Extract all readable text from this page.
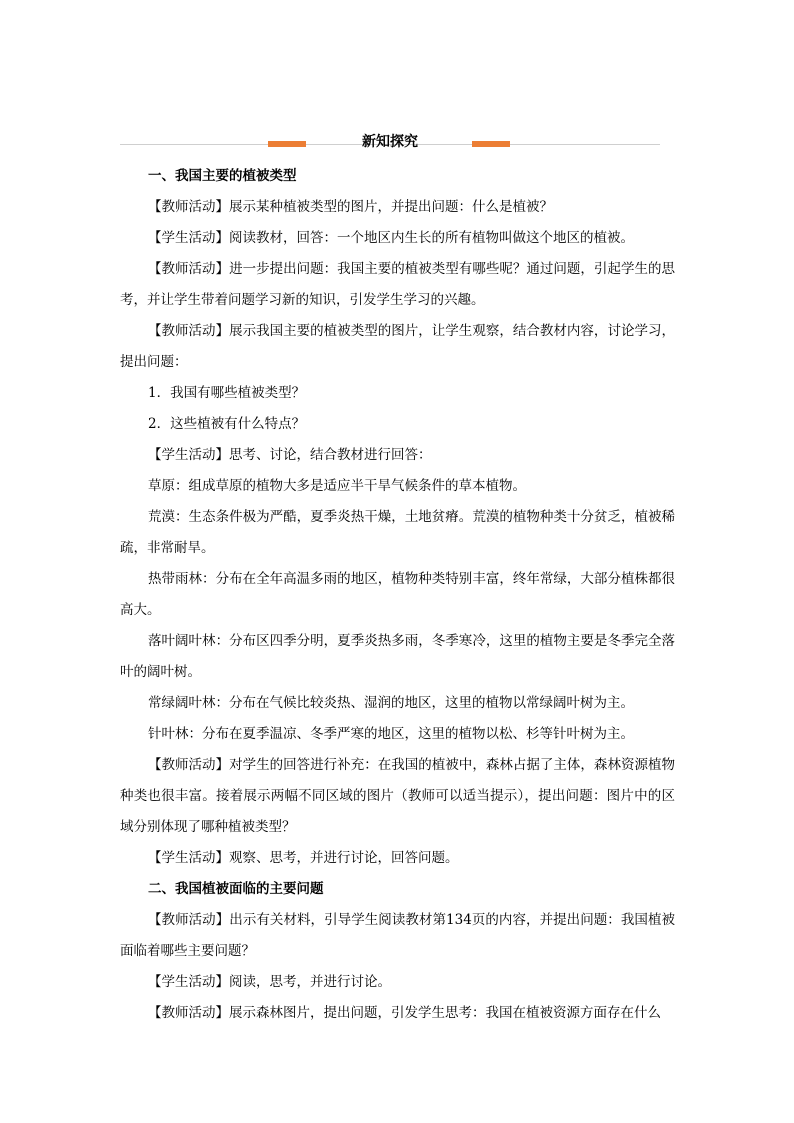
新知探究

一、我国主要的植被类型

【教师活动】展示某种植被类型的图片，并提出问题：什么是植被？

【学生活动】阅读教材，回答：一个地区内生长的所有植物叫做这个地区的植被。

【教师活动】进一步提出问题：我国主要的植被类型有哪些呢？通过问题，引起学生的思考，并让学生带着问题学习新的知识，引发学生学习的兴趣。

【教师活动】展示我国主要的植被类型的图片，让学生观察，结合教材内容，讨论学习，提出问题：

1．我国有哪些植被类型？

2．这些植被有什么特点？

【学生活动】思考、讨论，结合教材进行回答：

草原：组成草原的植物大多是适应半干旱气候条件的草本植物。

荒漠：生态条件极为严酷，夏季炎热干燥，土地贫瘠。荒漠的植物种类十分贫乏，植被稀疏，非常耐旱。

热带雨林：分布在全年高温多雨的地区，植物种类特别丰富，终年常绿，大部分植株都很高大。

落叶阔叶林：分布区四季分明，夏季炎热多雨，冬季寒冷，这里的植物主要是冬季完全落叶的阔叶树。

常绿阔叶林：分布在气候比较炎热、湿润的地区，这里的植物以常绿阔叶树为主。

针叶林：分布在夏季温凉、冬季严寒的地区，这里的植物以松、杉等针叶树为主。

【教师活动】对学生的回答进行补充：在我国的植被中，森林占据了主体，森林资源植物种类也很丰富。接着展示两幅不同区域的图片（教师可以适当提示），提出问题：图片中的区域分别体现了哪种植被类型？

【学生活动】观察、思考，并进行讨论，回答问题。

二、我国植被面临的主要问题

【教师活动】出示有关材料，引导学生阅读教材第134页的内容，并提出问题：我国植被面临着哪些主要问题？

【学生活动】阅读，思考，并进行讨论。

【教师活动】展示森林图片，提出问题，引发学生思考：我国在植被资源方面存在什么
